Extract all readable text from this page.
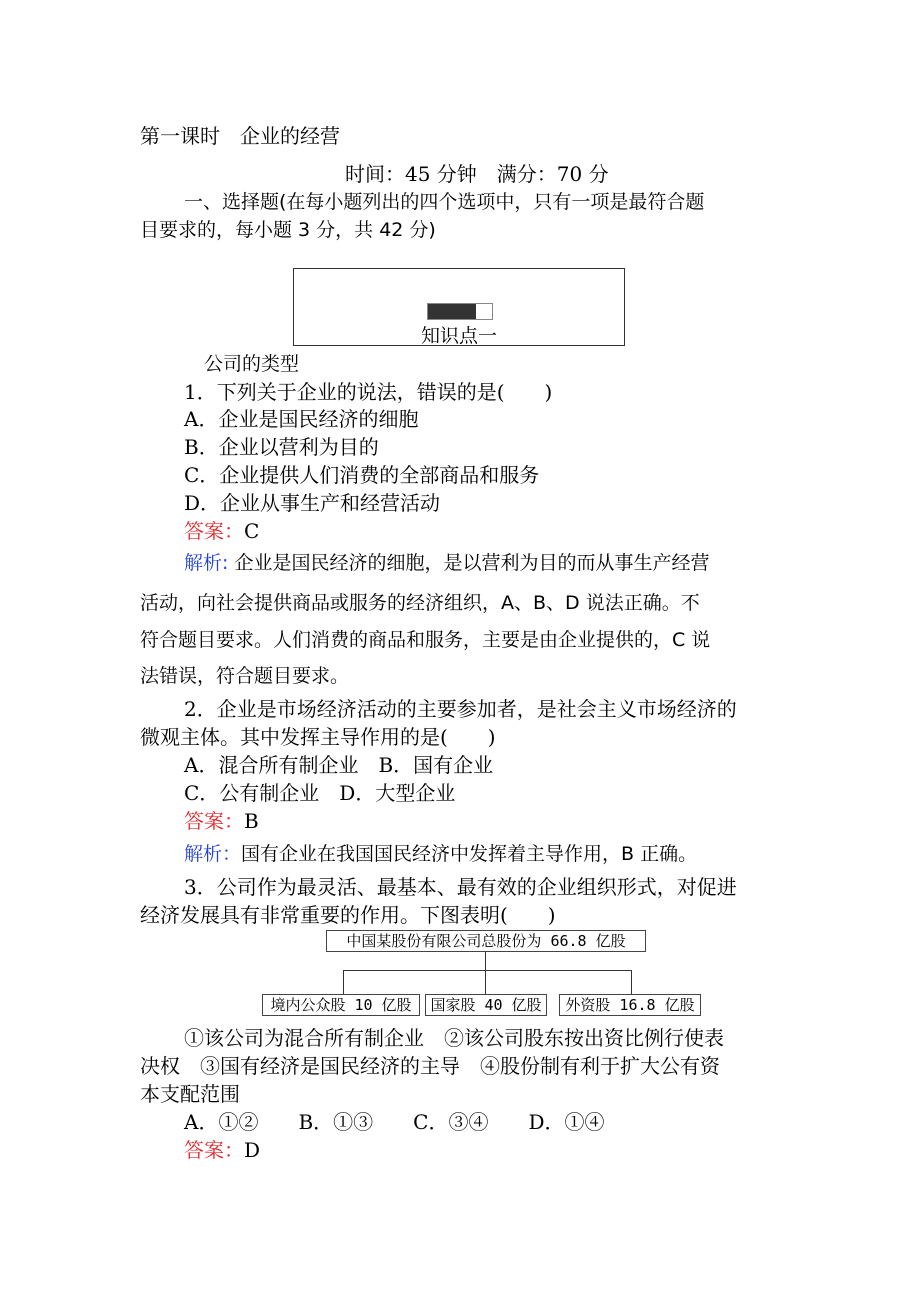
第一课时　企业的经营
时间：45 分钟　满分：70 分
一、选择题(在每小题列出的四个选项中，只有一项是最符合题
目要求的，每小题 3 分，共 42 分)
知识点一
公司的类型
1．下列关于企业的说法，错误的是(　　)
A．企业是国民经济的细胞
B．企业以营利为目的
C．企业提供人们消费的全部商品和服务
D．企业从事生产和经营活动
答案：C
解析: 企业是国民经济的细胞，是以营利为目的而从事生产经营
活动，向社会提供商品或服务的经济组织，A、B、D 说法正确。不
符合题目要求。人们消费的商品和服务，主要是由企业提供的，C 说
法错误，符合题目要求。
2．企业是市场经济活动的主要参加者，是社会主义市场经济的
微观主体。其中发挥主导作用的是(　　)
A．混合所有制企业　B．国有企业
C．公有制企业　D．大型企业
答案：B
解析：国有企业在我国国民经济中发挥着主导作用，B 正确。
3．公司作为最灵活、最基本、最有效的企业组织形式，对促进
经济发展具有非常重要的作用。下图表明(　　)
中国某股份有限公司总股份为 66.8 亿股
境内公众股 10 亿股	国家股 40 亿股	外资股 16.8 亿股
①该公司为混合所有制企业　②该公司股东按出资比例行使表
决权　③国有经济是国民经济的主导　④股份制有利于扩大公有资
本支配范围
A．①②　　B．①③　　C．③④　　D．①④
答案：D
